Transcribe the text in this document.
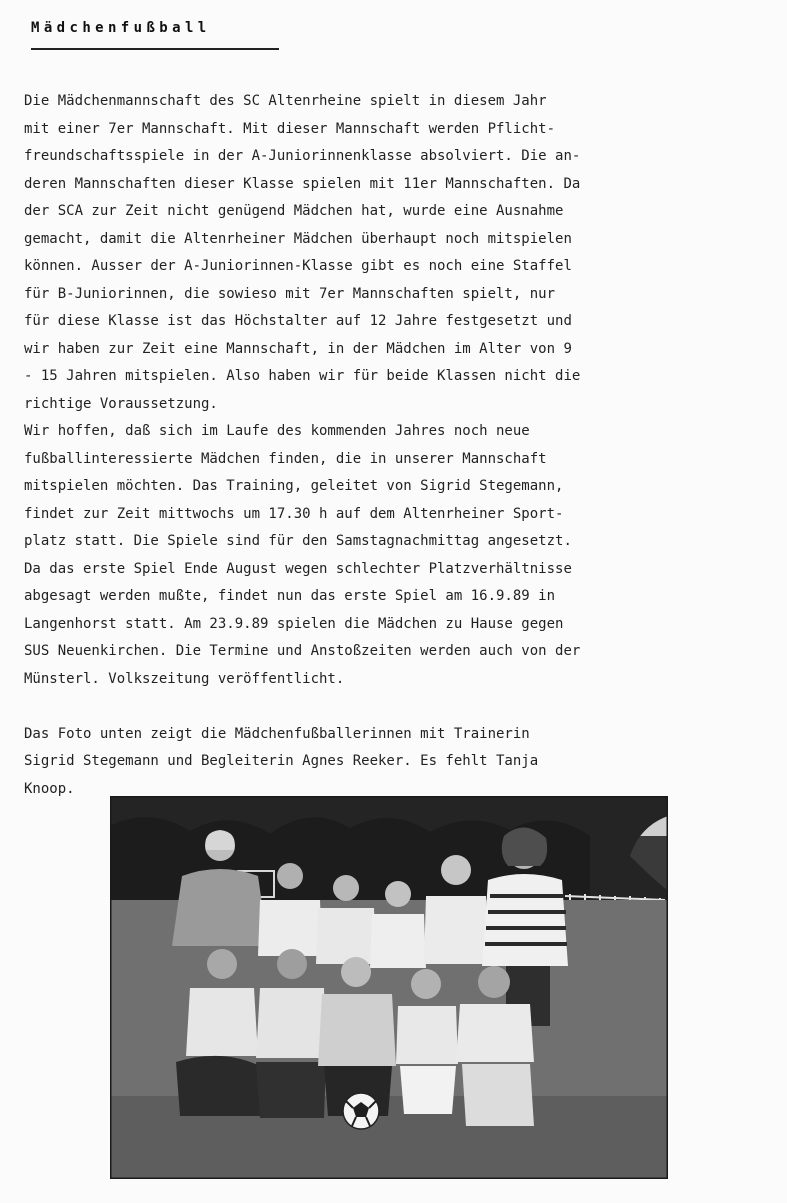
Mädchenfußball
Die Mädchenmannschaft des SC Altenrheine spielt in diesem Jahr
mit einer 7er Mannschaft. Mit dieser Mannschaft werden Pflicht-
freundschaftsspiele in der A-Juniorinnenklasse absolviert. Die an-
deren Mannschaften dieser Klasse spielen mit 11er Mannschaften. Da
der SCA zur Zeit nicht genügend Mädchen hat, wurde eine Ausnahme
gemacht, damit die Altenrheiner Mädchen überhaupt noch mitspielen
können. Ausser der A-Juniorinnen-Klasse gibt es noch eine Staffel
für B-Juniorinnen, die sowieso mit 7er Mannschaften spielt, nur
für diese Klasse ist das Höchstalter auf 12 Jahre festgesetzt und
wir haben zur Zeit eine Mannschaft, in der Mädchen im Alter von 9
- 15 Jahren mitspielen. Also haben wir für beide Klassen nicht die
richtige Voraussetzung.
Wir hoffen, daß sich im Laufe des kommenden Jahres noch neue
fußballinteressierte Mädchen finden, die in unserer Mannschaft
mitspielen möchten. Das Training, geleitet von Sigrid Stegemann,
findet zur Zeit mittwochs um 17.30 h auf dem Altenrheiner Sport-
platz statt. Die Spiele sind für den Samstagnachmittag angesetzt.
Da das erste Spiel Ende August wegen schlechter Platzverhältnisse
abgesagt werden mußte, findet nun das erste Spiel am 16.9.89 in
Langenhorst statt. Am 23.9.89 spielen die Mädchen zu Hause gegen
SUS Neuenkirchen. Die Termine und Anstoßzeiten werden auch von der
Münsterl. Volkszeitung veröffentlicht.
Das Foto unten zeigt die Mädchenfußballerinnen mit Trainerin
Sigrid Stegemann und Begleiterin Agnes Reeker. Es fehlt Tanja
Knoop.
